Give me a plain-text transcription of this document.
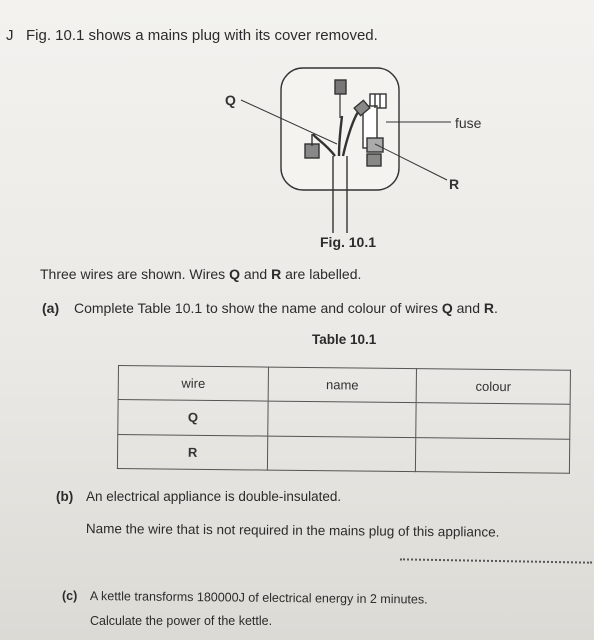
J Fig. 10.1 shows a mains plug with its cover removed.
Q
fuse
R
Fig. 10.1
Three wires are shown. Wires Q and R are labelled.
(a) Complete Table 10.1 to show the name and colour of wires Q and R.
Table 10.1
wire	name	colour
Q		
R		
(b) An electrical appliance is double-insulated.
Name the wire that is not required in the mains plug of this appliance.
(c) A kettle transforms 180000J of electrical energy in 2 minutes.
Calculate the power of the kettle.
